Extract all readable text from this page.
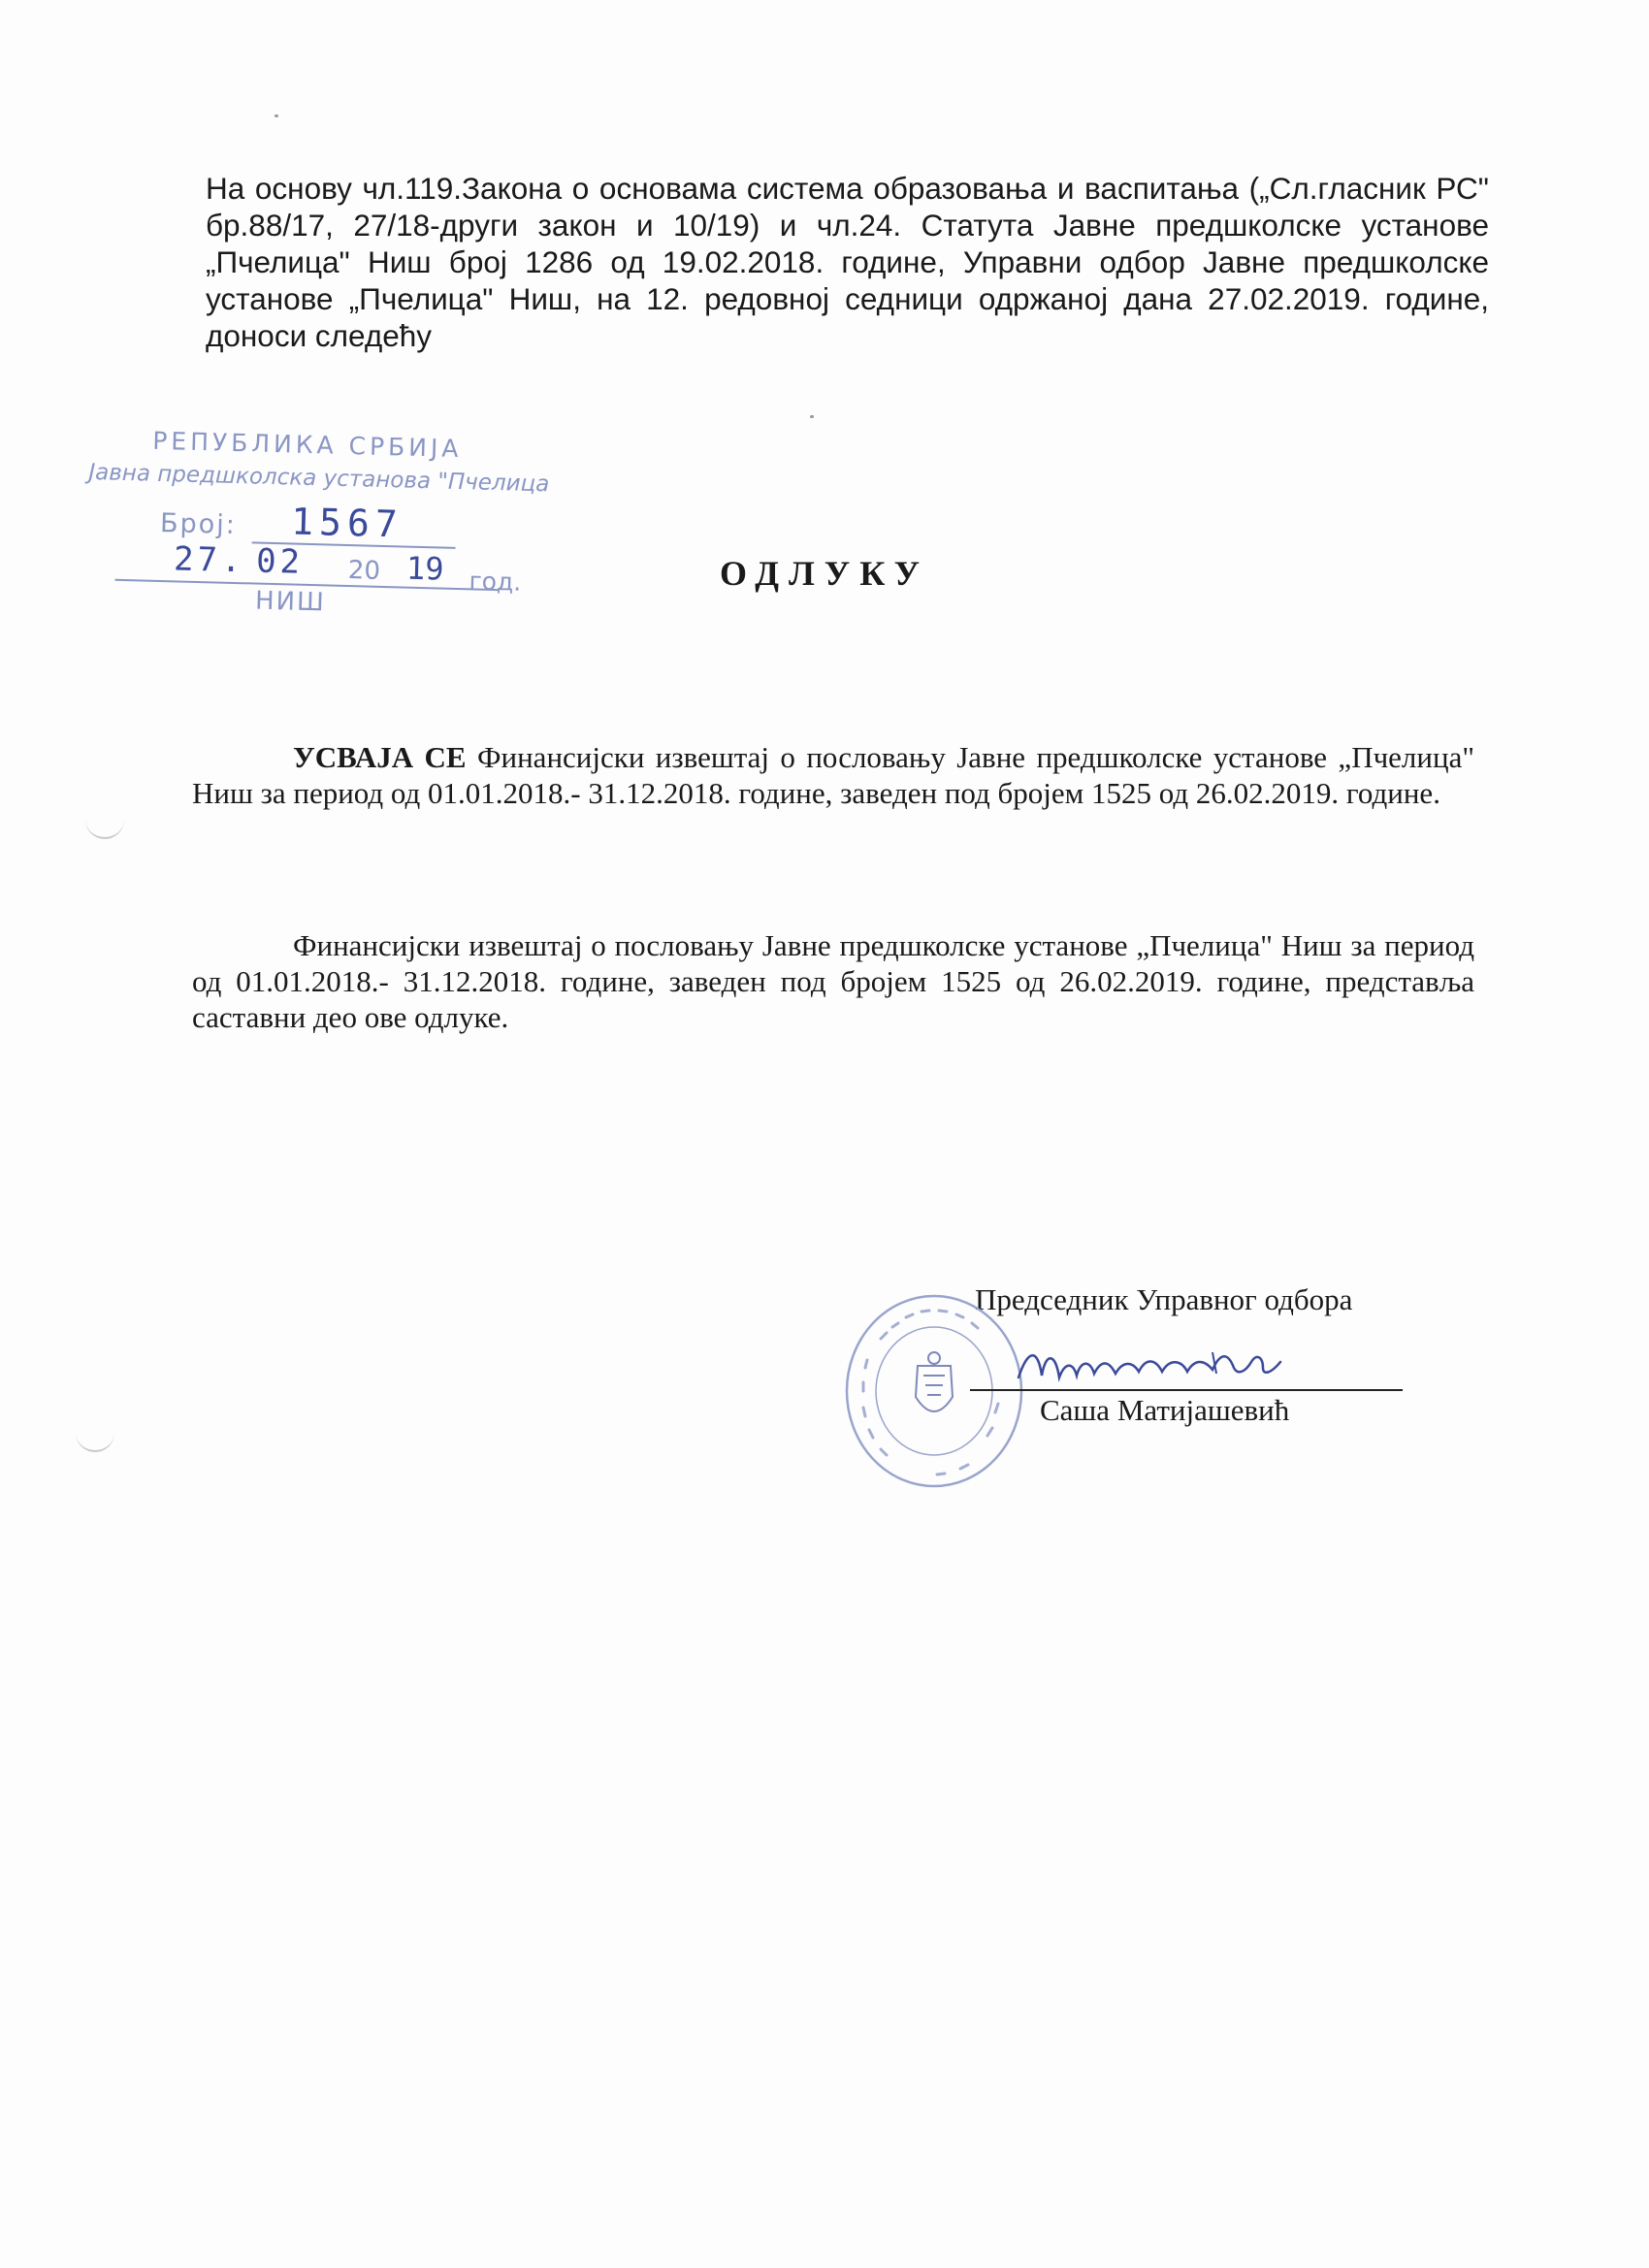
На основу чл.119.Закона о основама система образовања и васпитања („Сл.гласник РС" бр.88/17, 27/18-други закон и 10/19) и чл.24. Статута Јавне предшколске установе „Пчелица" Ниш број 1286 од 19.02.2018. године, Управни одбор Јавне предшколске установе „Пчелица" Ниш, на 12. редовној седници одржаној дана 27.02.2019. године, доноси следећу
РЕПУБЛИКА СРБИЈА
Јавна предшколска установа "Пчелица
Број: 1567
27. 02 20 19 год.
НИШ
ОДЛУКУ
УСВАЈА СЕ Финансијски извештај о пословању Јавне предшколске установе „Пчелица" Ниш за период од 01.01.2018.- 31.12.2018. године, заведен под бројем 1525 од 26.02.2019. године.
Финансијски извештај о пословању Јавне предшколске установе „Пчелица" Ниш за период од 01.01.2018.- 31.12.2018. године, заведен под бројем 1525 од 26.02.2019. године, представља саставни део ове одлуке.
Председник Управног одбора
Саша Матијашевић
